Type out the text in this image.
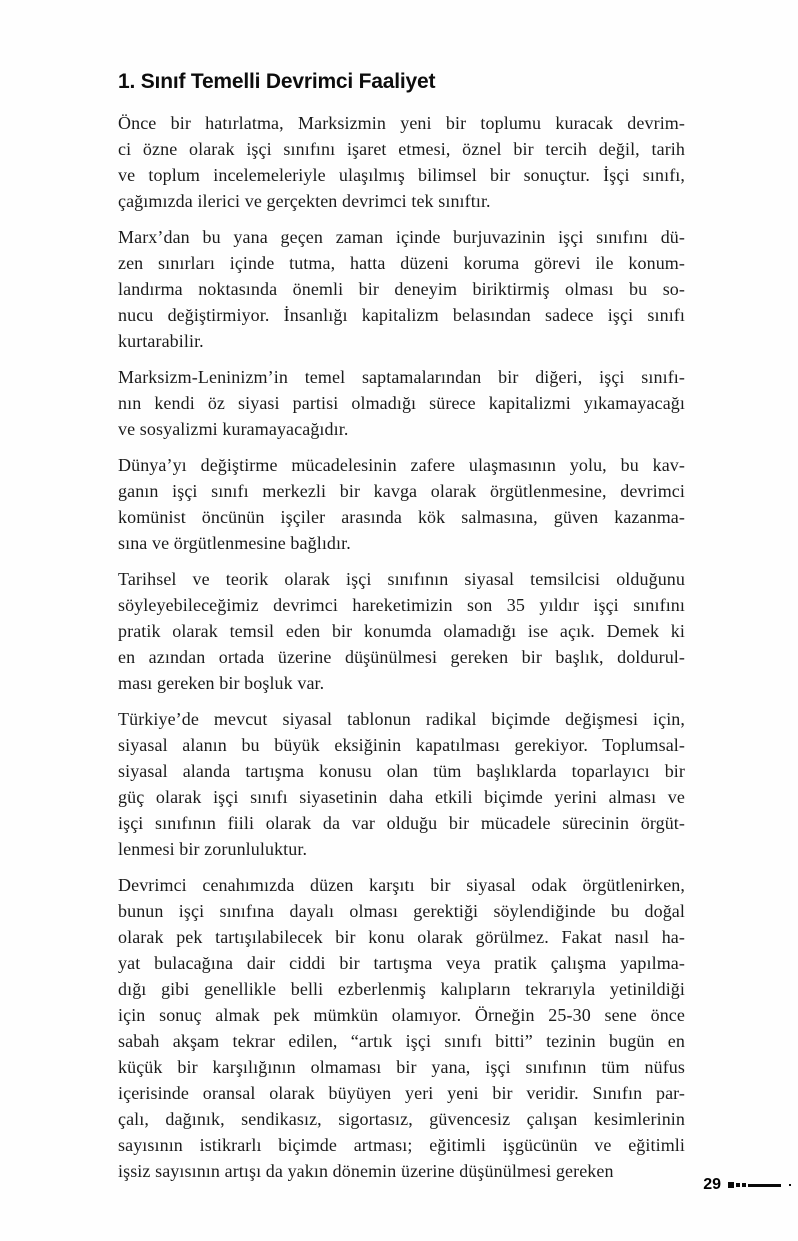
1. Sınıf Temelli Devrimci Faaliyet
Önce bir hatırlatma, Marksizmin yeni bir toplumu kuracak devrim-
ci özne olarak işçi sınıfını işaret etmesi, öznel bir tercih değil, tarih
ve toplum incelemeleriyle ulaşılmış bilimsel bir sonuçtur. İşçi sınıfı,
çağımızda ilerici ve gerçekten devrimci tek sınıftır.
Marx’dan bu yana geçen zaman içinde burjuvazinin işçi sınıfını dü-
zen sınırları içinde tutma, hatta düzeni koruma görevi ile konum-
landırma noktasında önemli bir deneyim biriktirmiş olması bu so-
nucu değiştirmiyor. İnsanlığı kapitalizm belasından sadece işçi sınıfı
kurtarabilir.
Marksizm-Leninizm’in temel saptamalarından bir diğeri, işçi sınıfı-
nın kendi öz siyasi partisi olmadığı sürece kapitalizmi yıkamayacağı
ve sosyalizmi kuramayacağıdır.
Dünya’yı değiştirme mücadelesinin zafere ulaşmasının yolu, bu kav-
ganın işçi sınıfı merkezli bir kavga olarak örgütlenmesine, devrimci
komünist öncünün işçiler arasında kök salmasına, güven kazanma-
sına ve örgütlenmesine bağlıdır.
Tarihsel ve teorik olarak işçi sınıfının siyasal temsilcisi olduğunu
söyleyebileceğimiz devrimci hareketimizin son 35 yıldır işçi sınıfını
pratik olarak temsil eden bir konumda olamadığı ise açık. Demek ki
en azından ortada üzerine düşünülmesi gereken bir başlık, doldurul-
ması gereken bir boşluk var.
Türkiye’de mevcut siyasal tablonun radikal biçimde değişmesi için,
siyasal alanın bu büyük eksiğinin kapatılması gerekiyor. Toplumsal-
siyasal alanda tartışma konusu olan tüm başlıklarda toparlayıcı bir
güç olarak işçi sınıfı siyasetinin daha etkili biçimde yerini alması ve
işçi sınıfının fiili olarak da var olduğu bir mücadele sürecinin örgüt-
lenmesi bir zorunluluktur.
Devrimci cenahımızda düzen karşıtı bir siyasal odak örgütlenirken,
bunun işçi sınıfına dayalı olması gerektiği söylendiğinde bu doğal
olarak pek tartışılabilecek bir konu olarak görülmez. Fakat nasıl ha-
yat bulacağına dair ciddi bir tartışma veya pratik çalışma yapılma-
dığı gibi genellikle belli ezberlenmiş kalıpların tekrarıyla yetinildiği
için sonuç almak pek mümkün olamıyor. Örneğin 25-30 sene önce
sabah akşam tekrar edilen, “artık işçi sınıfı bitti” tezinin bugün en
küçük bir karşılığının olmaması bir yana, işçi sınıfının tüm nüfus
içerisinde oransal olarak büyüyen yeri yeni bir veridir. Sınıfın par-
çalı, dağınık, sendikasız, sigortasız, güvencesiz çalışan kesimlerinin
sayısının istikrarlı biçimde artması; eğitimli işgücünün ve eğitimli
işsiz sayısının artışı da yakın dönemin üzerine düşünülmesi gereken
29
